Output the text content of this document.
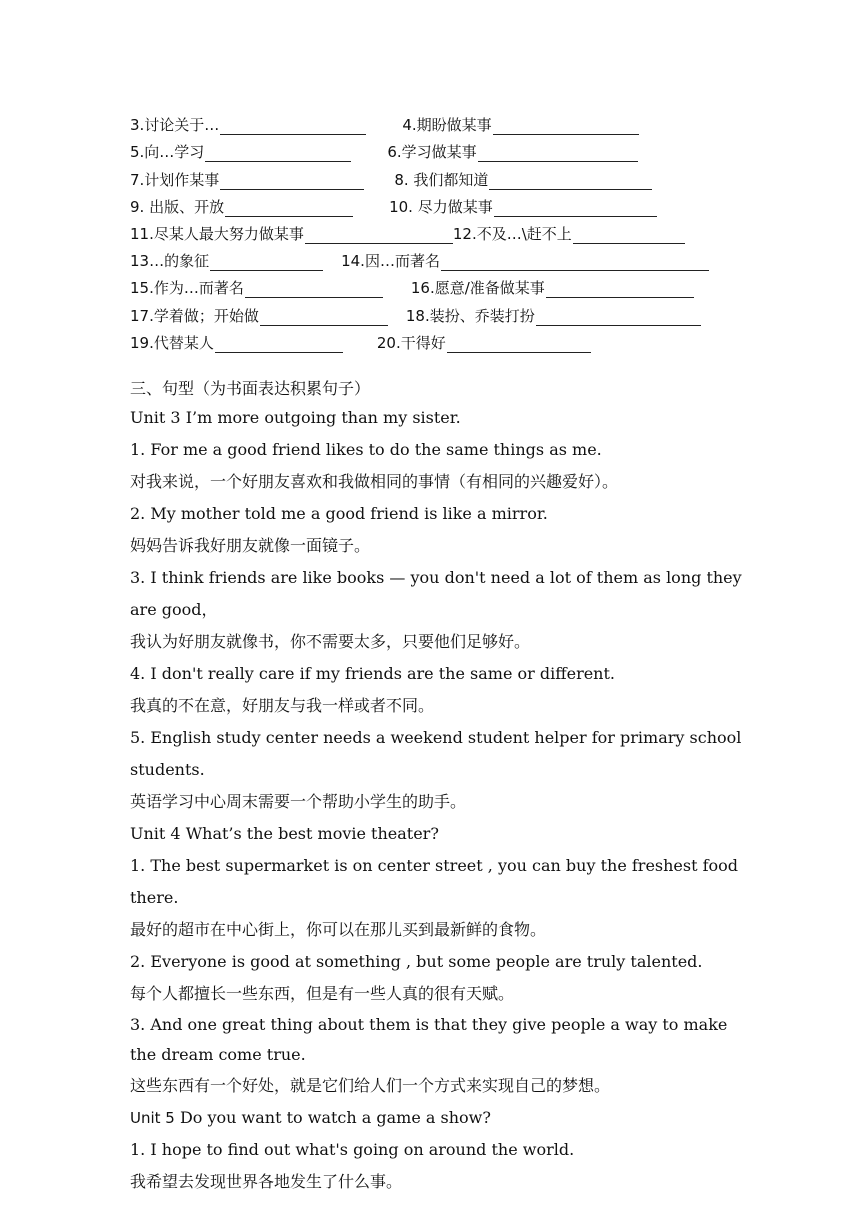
3.讨论关于…	4.期盼做某事
5.向…学习	6.学习做某事
7.计划作某事	8. 我们都知道
9. 出版、开放	10. 尽力做某事
11.尽某人最大努力做某事	12.不及…\赶不上
13…的象征	14.因…而著名
15.作为…而著名	16.愿意/准备做某事
17.学着做；开始做	18.装扮、乔装打扮
19.代替某人	20.干得好
三、句型（为书面表达积累句子）
Unit 3 I’m more outgoing than my sister.
1. For me a good friend likes to do the same things as me.
对我来说，一个好朋友喜欢和我做相同的事情（有相同的兴趣爱好）。
2. My mother told me a good friend is like a mirror.
妈妈告诉我好朋友就像一面镜子。
3. I think friends are like books — you don't need a lot of them as long they are good，
我认为好朋友就像书，你不需要太多，只要他们足够好。
4. I don't really care if my friends are the same or different.
我真的不在意，好朋友与我一样或者不同。
5. English study center needs a weekend student helper for primary school students.
英语学习中心周末需要一个帮助小学生的助手。
Unit 4 What’s the best movie theater?
1. The best supermarket is on center street , you can buy the freshest food there.
最好的超市在中心街上，你可以在那儿买到最新鲜的食物。
2. Everyone is good at something , but some people are truly talented.
每个人都擅长一些东西，但是有一些人真的很有天赋。
3. And one great thing about them is that they give people a way to make the dream come true.
这些东西有一个好处，就是它们给人们一个方式来实现自己的梦想。
Unit 5 Do you want to watch a game a show?
1. I hope to find out what's going on around the world.
我希望去发现世界各地发生了什么事。
